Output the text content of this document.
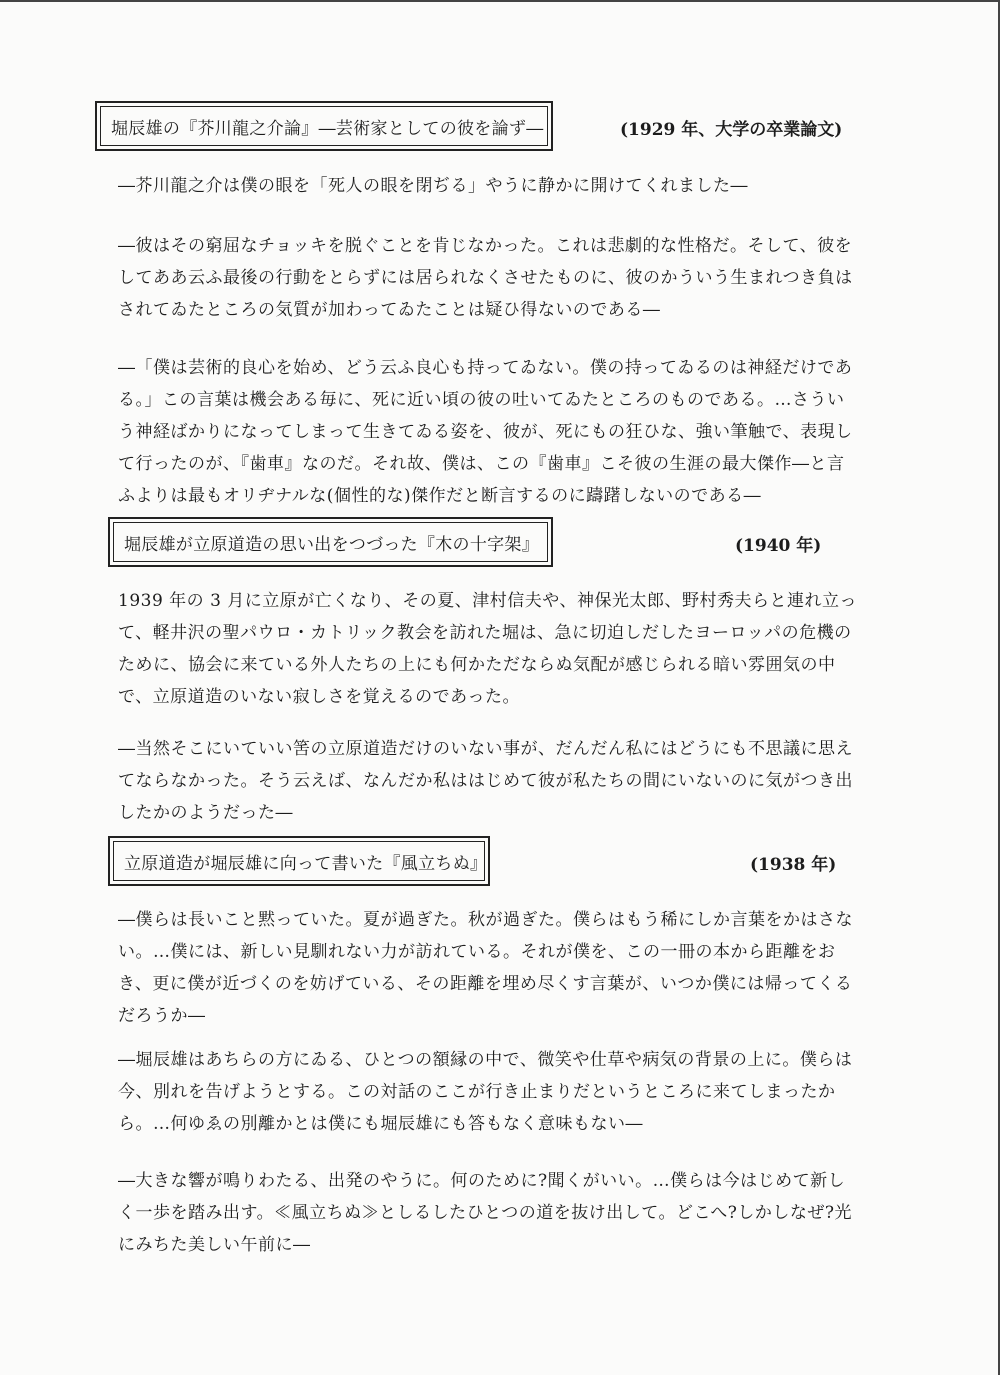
堀辰雄の『芥川龍之介論』―芸術家としての彼を論ず―	(1929 年、大学の卒業論文)

―芥川龍之介は僕の眼を「死人の眼を閉ぢる」やうに静かに開けてくれました―

―彼はその窮屈なチョッキを脱ぐことを肯じなかった。これは悲劇的な性格だ。そして、彼をしてああ云ふ最後の行動をとらずには居られなくさせたものに、彼のかういう生まれつき負はされてゐたところの気質が加わってゐたことは疑ひ得ないのである―

―「僕は芸術的良心を始め、どう云ふ良心も持ってゐない。僕の持ってゐるのは神経だけである。」この言葉は機会ある毎に、死に近い頃の彼の吐いてゐたところのものである。…さういう神経ばかりになってしまって生きてゐる姿を、彼が、死にもの狂ひな、強い筆触で、表現して行ったのが、『歯車』なのだ。それ故、僕は、この『歯車』こそ彼の生涯の最大傑作―と言ふよりは最もオリヂナルな(個性的な)傑作だと断言するのに躊躇しないのである―

堀辰雄が立原道造の思い出をつづった『木の十字架』	(1940 年)

1939 年の 3 月に立原が亡くなり、その夏、津村信夫や、神保光太郎、野村秀夫らと連れ立って、軽井沢の聖パウロ・カトリック教会を訪れた堀は、急に切迫しだしたヨーロッパの危機のために、協会に来ている外人たちの上にも何かただならぬ気配が感じられる暗い雰囲気の中で、立原道造のいない寂しさを覚えるのであった。

―当然そこにいていい筈の立原道造だけのいない事が、だんだん私にはどうにも不思議に思えてならなかった。そう云えば、なんだか私ははじめて彼が私たちの間にいないのに気がつき出したかのようだった―

立原道造が堀辰雄に向って書いた『風立ちぬ』	(1938 年)

―僕らは長いこと黙っていた。夏が過ぎた。秋が過ぎた。僕らはもう稀にしか言葉をかはさない。…僕には、新しい見馴れない力が訪れている。それが僕を、この一冊の本から距離をおき、更に僕が近づくのを妨げている、その距離を埋め尽くす言葉が、いつか僕には帰ってくるだろうか―

―堀辰雄はあちらの方にゐる、ひとつの額縁の中で、微笑や仕草や病気の背景の上に。僕らは今、別れを告げようとする。この対話のここが行き止まりだというところに来てしまったから。…何ゆゑの別離かとは僕にも堀辰雄にも答もなく意味もない―

―大きな響が鳴りわたる、出発のやうに。何のために?聞くがいい。…僕らは今はじめて新しく一歩を踏み出す。≪風立ちぬ≫としるしたひとつの道を抜け出して。どこへ?しかしなぜ?光にみちた美しい午前に―
